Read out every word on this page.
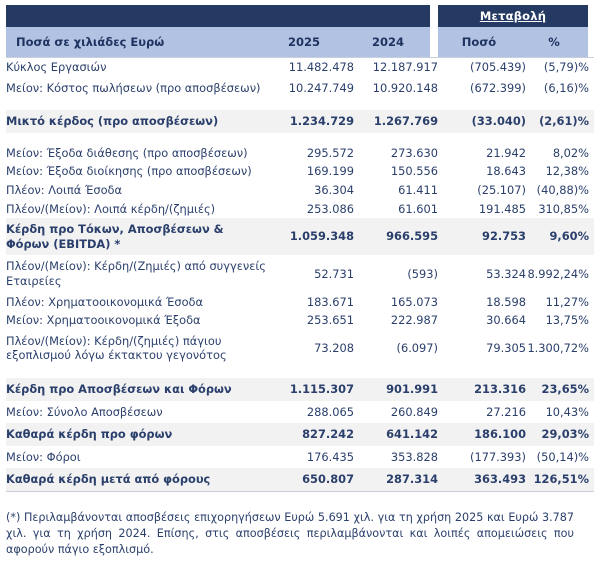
Ποσά σε χιλιάδες Ευρώ	2025	2024
Μεταβολή
Ποσό	%
Κύκλος Εργασιών	11.482.478	12.187.917		(705.439)	(5,79)%
Μείον: Κόστος πωλήσεων (προ αποσβέσεων)	10.247.749	10.920.148		(672.399)	(6,16)%

Μικτό κέρδος (προ αποσβέσεων)	1.234.729	1.267.769		(33.040)	(2,61)%

Μείον: Έξοδα διάθεσης (προ αποσβέσεων)	295.572	273.630		21.942	8,02%
Μείον: Έξοδα διοίκησης (προ αποσβέσεων)	169.199	150.556		18.643	12,38%
Πλέον: Λοιπά Έσοδα	36.304	61.411		(25.107)	(40,88)%
Πλέον/(Μείον): Λοιπά κέρδη/(ζημιές)	253.086	61.601		191.485	310,85%
Κέρδη προ Τόκων, Αποσβέσεων & Φόρων (EBITDA) *	1.059.348	966.595		92.753	9,60%
Πλέον/(Μείον): Κέρδη/(Ζημιές) από συγγενείς Εταιρείες	52.731	(593)		53.324	8.992,24%
Πλέον: Χρηματοοικονομικά Έσοδα	183.671	165.073		18.598	11,27%
Μείον: Χρηματοοικονομικά Έξοδα	253.651	222.987		30.664	13,75%
Πλέον/(Μείον): Κέρδη/(ζημιές) πάγιου εξοπλισμού λόγω έκτακτου γεγονότος	73.208	(6.097)		79.305	1.300,72%

Κέρδη προ Αποσβέσεων και Φόρων	1.115.307	901.991		213.316	23,65%
Μείον: Σύνολο Αποσβέσεων	288.065	260.849		27.216	10,43%
Καθαρά κέρδη προ φόρων	827.242	641.142		186.100	29,03%
Μείον: Φόροι	176.435	353.828		(177.393)	(50,14)%
Καθαρά κέρδη μετά από φόρους	650.807	287.314		363.493	126,51%
(*) Περιλαμβάνονται αποσβέσεις επιχορηγήσεων Ευρώ 5.691 χιλ. για τη χρήση 2025 και Ευρώ 3.787 χιλ. για τη χρήση 2024. Επίσης, στις αποσβέσεις περιλαμβάνονται και λοιπές απομειώσεις που αφορούν πάγιο εξοπλισμό.
